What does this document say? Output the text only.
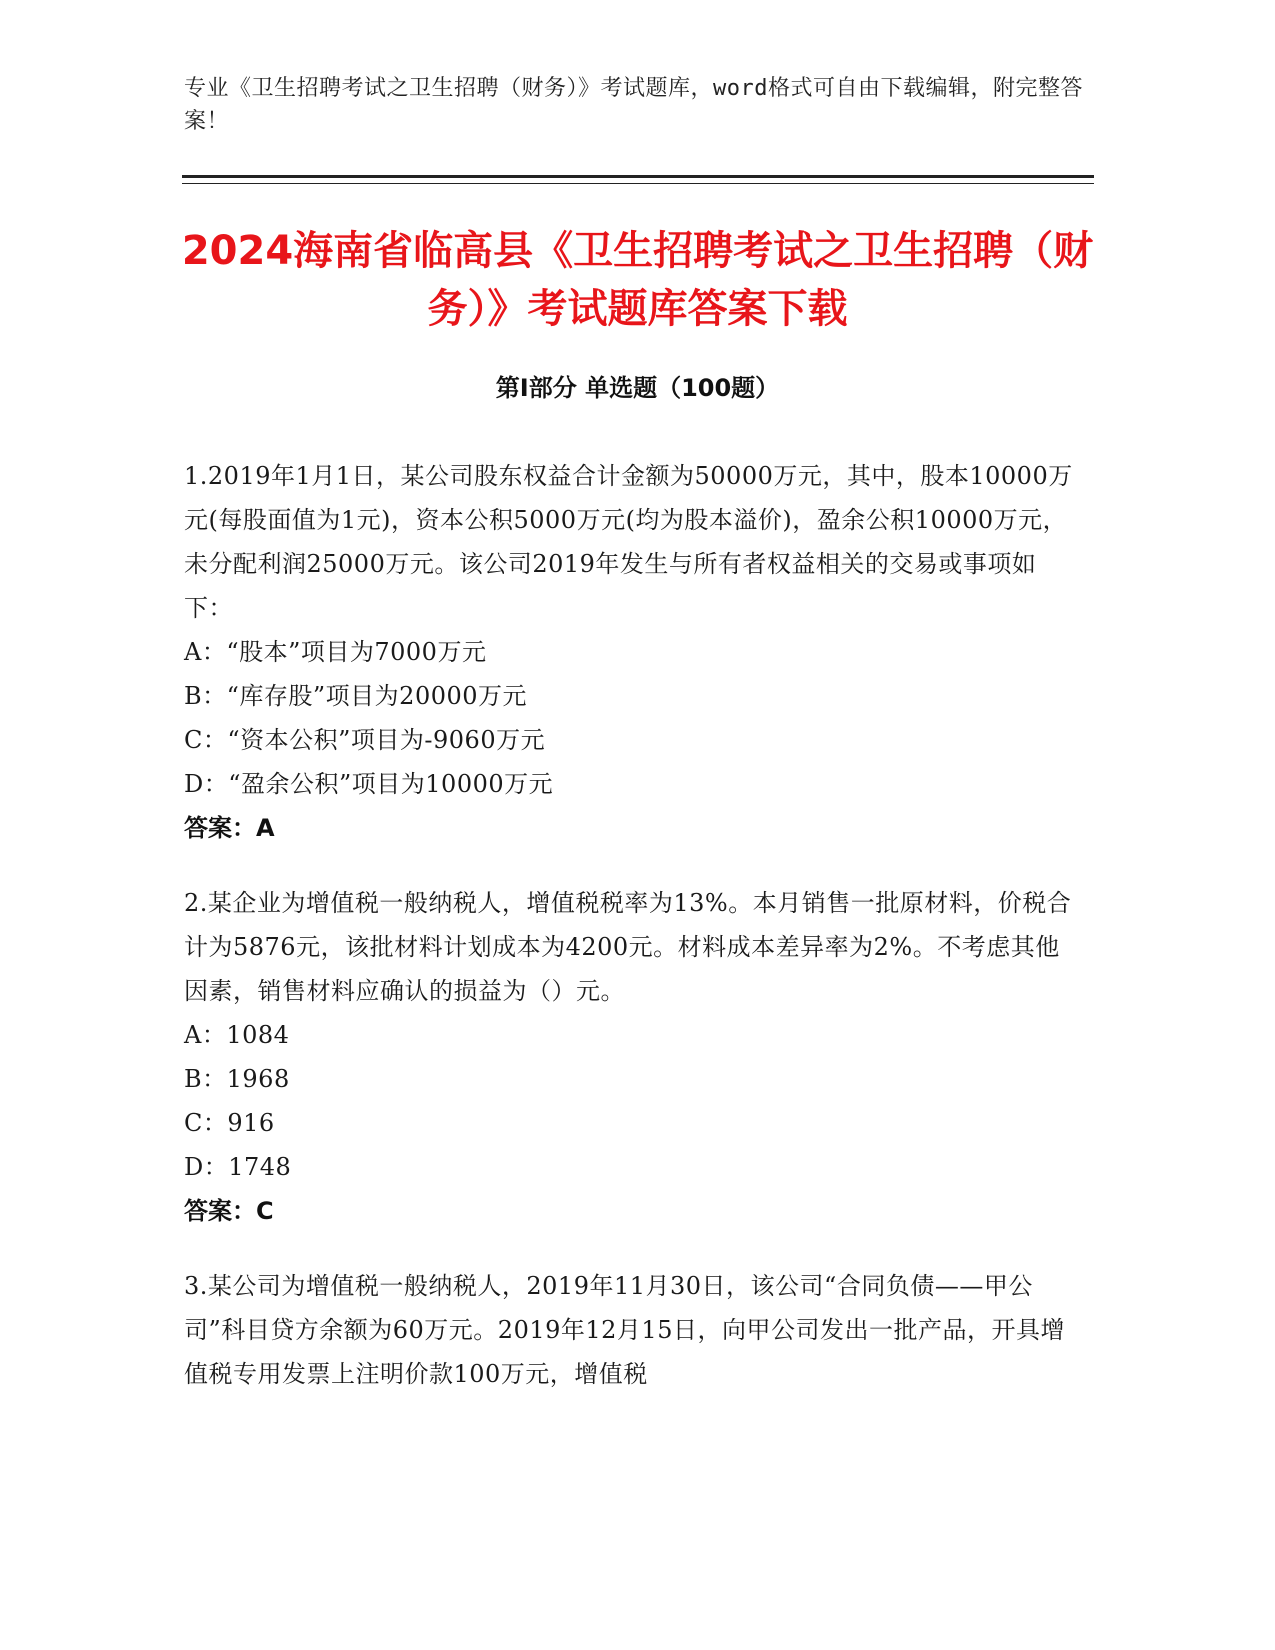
专业《卫生招聘考试之卫生招聘（财务）》考试题库，word格式可自由下载编辑，附完整答案！
2024海南省临高县《卫生招聘考试之卫生招聘（财务）》考试题库答案下载
第Ⅰ部分 单选题（100题）
1.2019年1月1日，某公司股东权益合计金额为50000万元，其中，股本10000万元(每股面值为1元)，资本公积5000万元(均为股本溢价)，盈余公积10000万元，未分配利润25000万元。该公司2019年发生与所有者权益相关的交易或事项如下：
A：“股本”项目为7000万元
B：“库存股”项目为20000万元
C：“资本公积”项目为-9060万元
D：“盈余公积”项目为10000万元
答案：A
2.某企业为增值税一般纳税人，增值税税率为13%。本月销售一批原材料，价税合计为5876元，该批材料计划成本为4200元。材料成本差异率为2%。不考虑其他因素，销售材料应确认的损益为（）元。
A：1084
B：1968
C：916
D：1748
答案：C
3.某公司为增值税一般纳税人，2019年11月30日，该公司“合同负债——甲公司”科目贷方余额为60万元。2019年12月15日，向甲公司发出一批产品，开具增值税专用发票上注明价款100万元，增值税
